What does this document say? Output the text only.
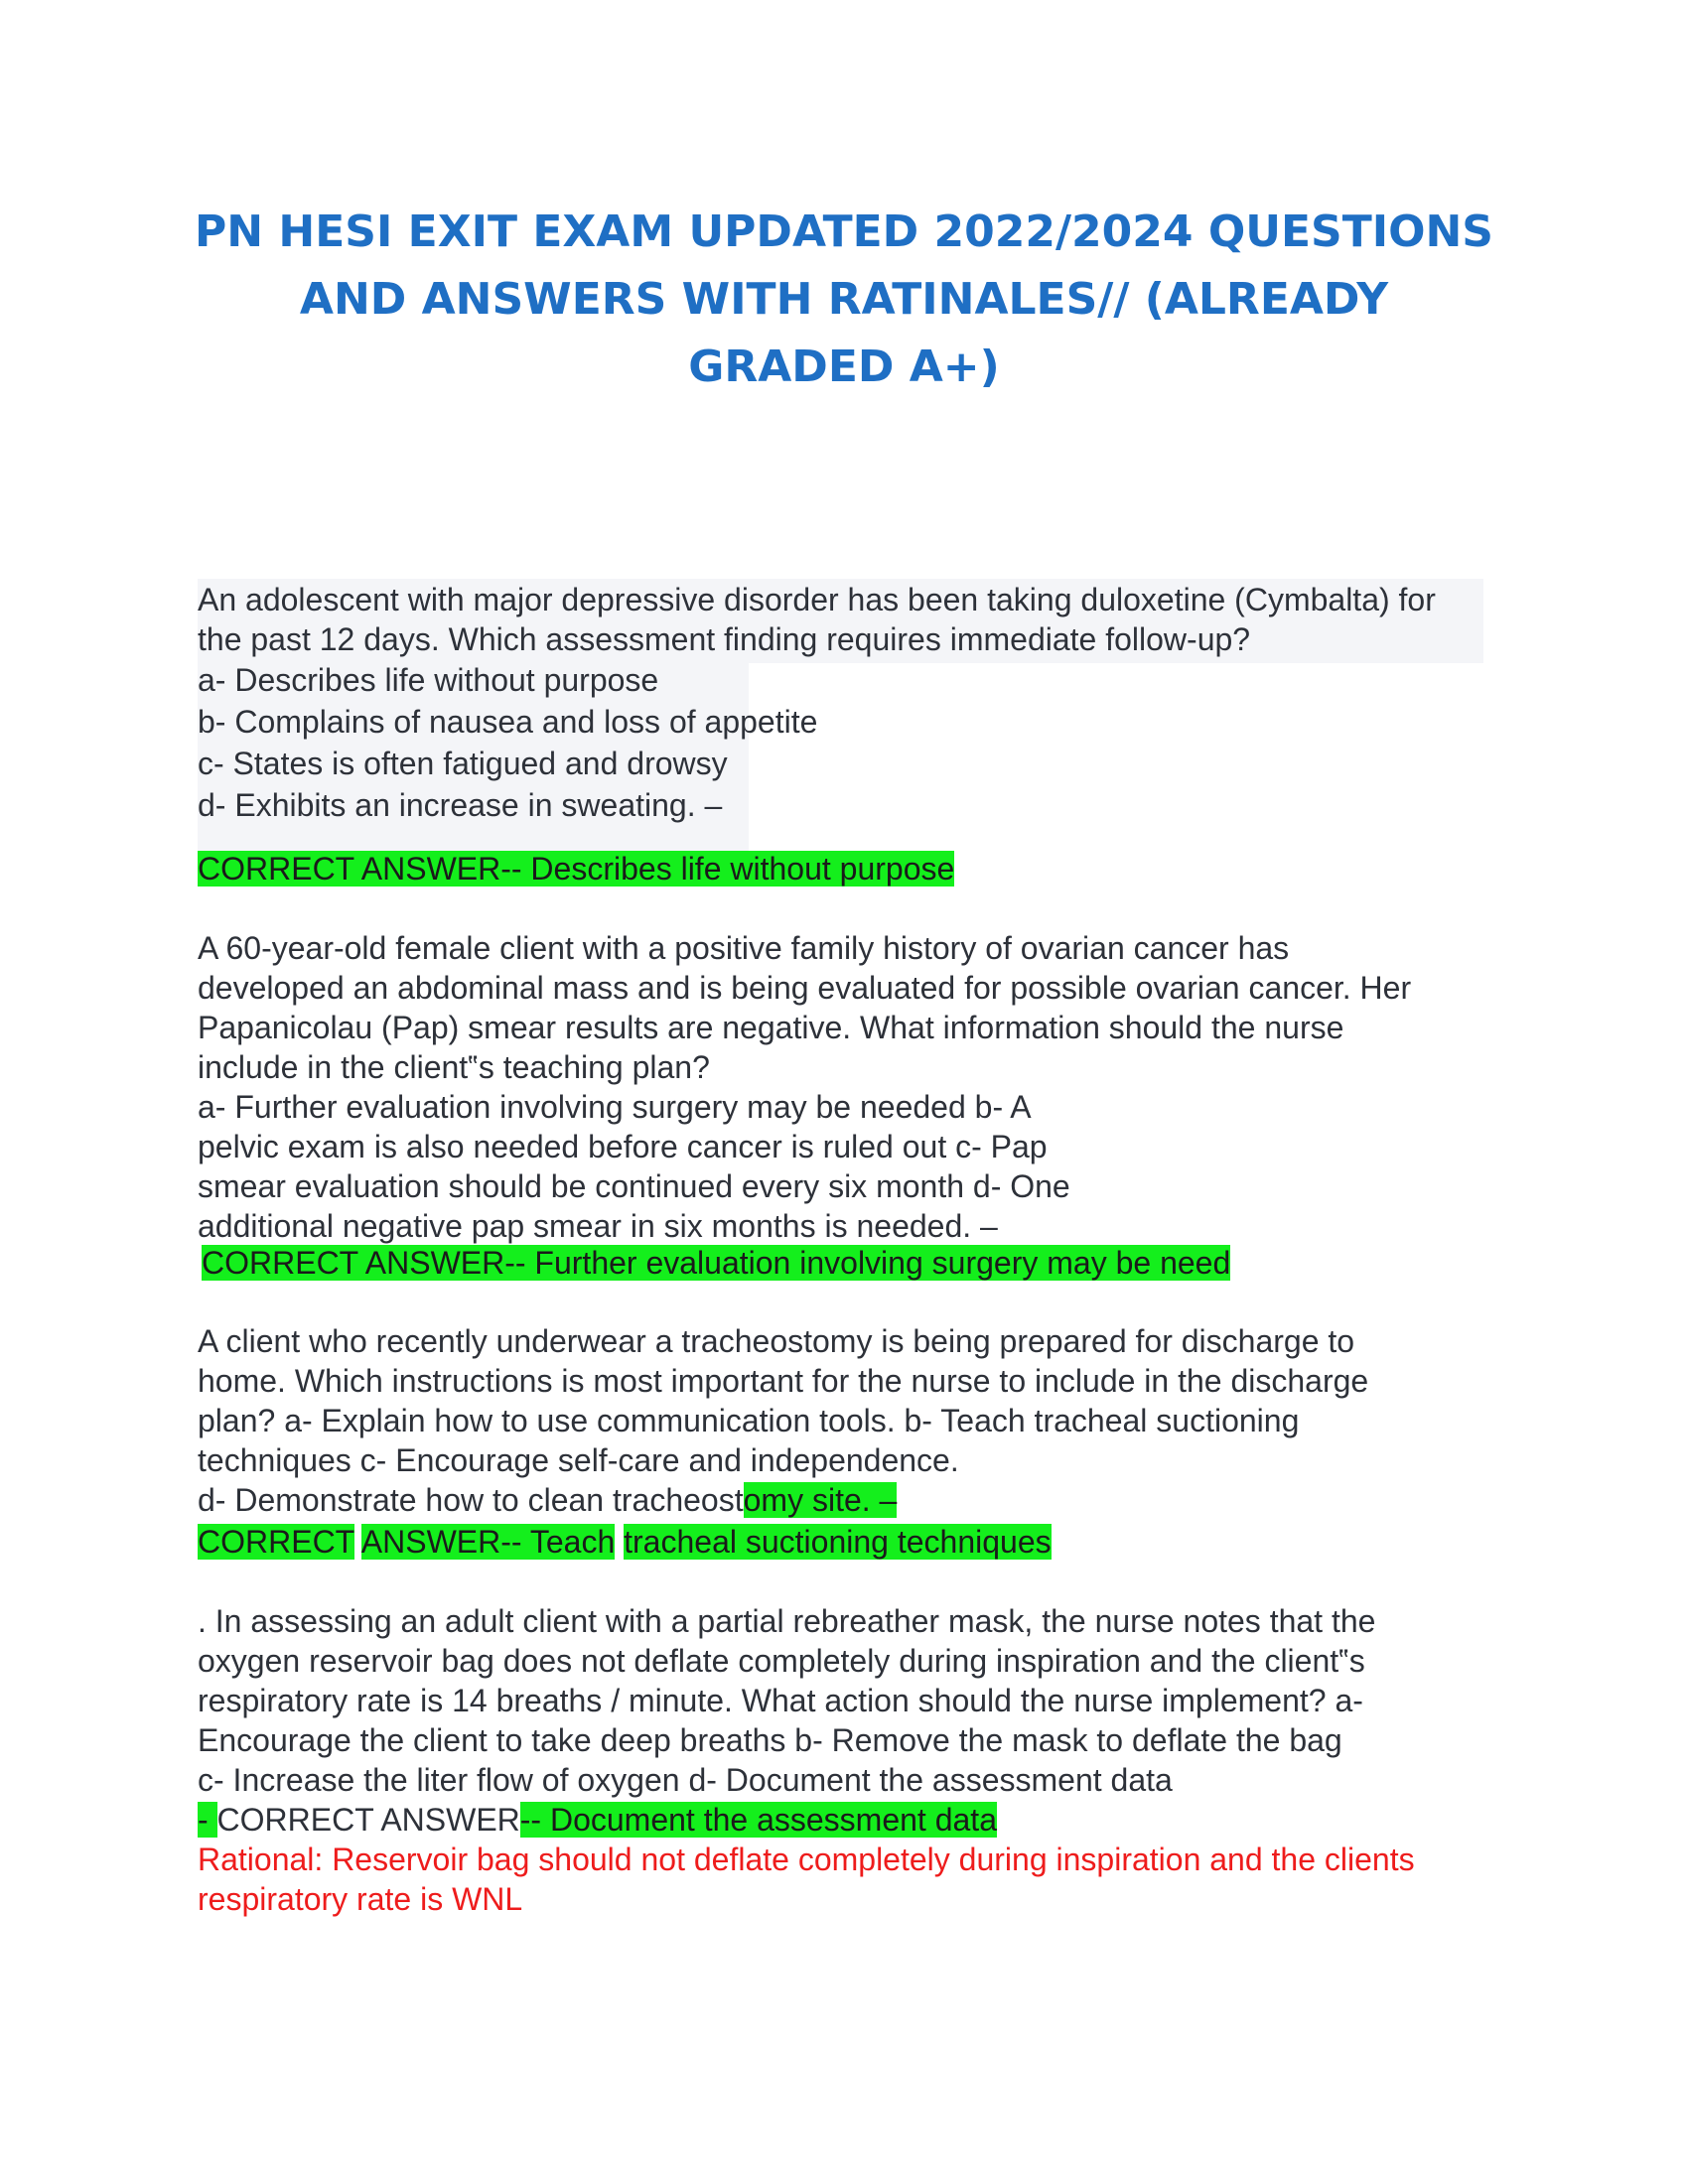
PN HESI EXIT EXAM UPDATED 2022/2024 QUESTIONS
AND ANSWERS WITH RATINALES// (ALREADY
GRADED A+)
An adolescent with major depressive disorder has been taking duloxetine (Cymbalta) for
the past 12 days. Which assessment finding requires immediate follow-up?
a- Describes life without purpose
b- Complains of nausea and loss of appetite
c- States is often fatigued and drowsy
d- Exhibits an increase in sweating. –
CORRECT ANSWER-- Describes life without purpose
A 60-year-old female client with a positive family history of ovarian cancer has
developed an abdominal mass and is being evaluated for possible ovarian cancer. Her
Papanicolau (Pap) smear results are negative. What information should the nurse
include in the client‟s teaching plan?
a- Further evaluation involving surgery may be needed b- A
pelvic exam is also needed before cancer is ruled out c- Pap
smear evaluation should be continued every six month d- One
additional negative pap smear in six months is needed. –
CORRECT ANSWER-- Further evaluation involving surgery may be need
A client who recently underwear a tracheostomy is being prepared for discharge to
home. Which instructions is most important for the nurse to include in the discharge
plan? a- Explain how to use communication tools. b- Teach tracheal suctioning
techniques c- Encourage self-care and independence.
d- Demonstrate how to clean tracheostomy site. –
CORRECT ANSWER-- Teach tracheal suctioning techniques
. In assessing an adult client with a partial rebreather mask, the nurse notes that the
oxygen reservoir bag does not deflate completely during inspiration and the client‟s
respiratory rate is 14 breaths / minute. What action should the nurse implement? a-
Encourage the client to take deep breaths b- Remove the mask to deflate the bag
c- Increase the liter flow of oxygen d- Document the assessment data
- CORRECT ANSWER-- Document the assessment data
Rational: Reservoir bag should not deflate completely during inspiration and the clients
respiratory rate is WNL
